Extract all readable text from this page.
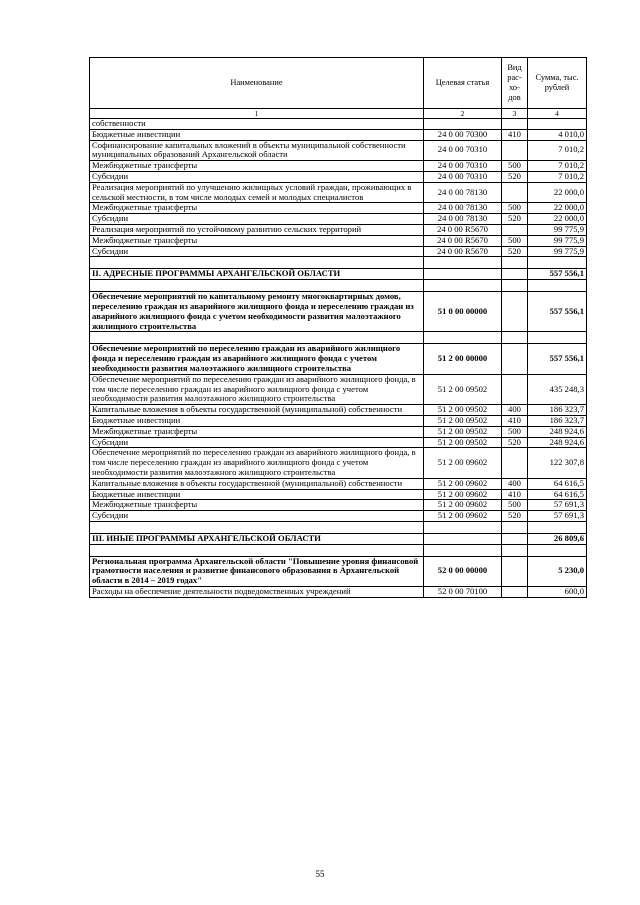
Наименование	Целевая статья	Вид рас-хо-дов	Сумма, тыс. рублей
1	2	3	4
собственности			
Бюджетные инвестиции	24 0 00 70300	410	4 010,0
Софинансирование капитальных вложений в объекты муниципальной собственности муниципальных образований Архангельской области	24 0 00 70310		7 010,2
Межбюджетные трансферты	24 0 00 70310	500	7 010,2
Субсидии	24 0 00 70310	520	7 010,2
Реализация мероприятий по улучшению жилищных условий граждан, проживающих в сельской местности, в том числе молодых семей и молодых специалистов	24 0 00 78130		22 000,0
Межбюджетные трансферты	24 0 00 78130	500	22 000,0
Субсидии	24 0 00 78130	520	22 000,0
Реализация мероприятий по устойчивому развитию сельских территорий	24 0 00 R5670		99 775,9
Межбюджетные трансферты	24 0 00 R5670	500	99 775,9
Субсидии	24 0 00 R5670	520	99 775,9

II. АДРЕСНЫЕ ПРОГРАММЫ АРХАНГЕЛЬСКОЙ ОБЛАСТИ			557 556,1

Обеспечение мероприятий по капитальному ремонту многоквартирных домов, переселению граждан из аварийного жилищного фонда и переселению граждан из аварийного жилищного фонда с учетом необходимости развития малоэтажного жилищного строительства	51 0 00 00000		557 556,1

Обеспечение мероприятий по переселению граждан из аварийного жилищного фонда и переселению граждан из аварийного жилищного фонда с учетом необходимости развития малоэтажного жилищного строительства	51 2 00 00000		557 556,1
Обеспечение мероприятий по переселению граждан из аварийного жилищного фонда, в том числе переселению граждан из аварийного жилищного фонда с учетом необходимости развития малоэтажного жилищного строительства	51 2 00 09502		435 248,3
Капитальные вложения в объекты государственной (муниципальной) собственности	51 2 00 09502	400	186 323,7
Бюджетные инвестиции	51 2 00 09502	410	186 323,7
Межбюджетные трансферты	51 2 00 09502	500	248 924,6
Субсидии	51 2 00 09502	520	248 924,6
Обеспечение мероприятий по переселению граждан из аварийного жилищного фонда, в том числе переселению граждан из аварийного жилищного фонда с учетом необходимости развития малоэтажного жилищного строительства	51 2 00 09602		122 307,8
Капитальные вложения в объекты государственной (муниципальной) собственности	51 2 00 09602	400	64 616,5
Бюджетные инвестиции	51 2 00 09602	410	64 616,5
Межбюджетные трансферты	51 2 00 09602	500	57 691,3
Субсидии	51 2 00 09602	520	57 691,3

III. ИНЫЕ ПРОГРАММЫ АРХАНГЕЛЬСКОЙ ОБЛАСТИ			26 809,6

Региональная программа Архангельской области "Повышение уровня финансовой грамотности населения и развитие финансового образования в Архангельской области в 2014 – 2019 годах"	52 0 00 00000		5 230,0
Расходы на обеспечение деятельности подведомственных учреждений	52 0 00 70100		600,0
55
